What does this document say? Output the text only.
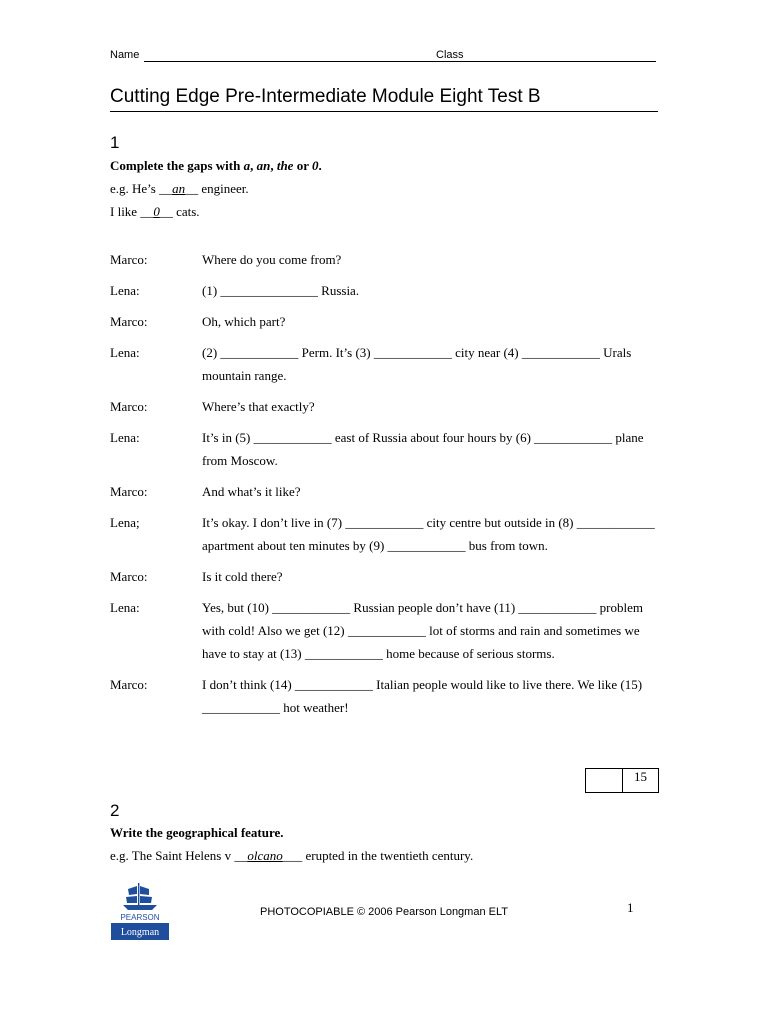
Name	Class
Cutting Edge Pre-Intermediate Module Eight Test B
1
Complete the gaps with a, an, the or 0.
e.g. He’s __an__ engineer.
I like __0__ cats.
Marco:	Where do you come from?
Lena:	(1) _______________ Russia.
Marco:	Oh, which part?
Lena:	(2) ____________ Perm. It’s (3) ____________ city near (4) ____________ Urals mountain range.
Marco:	Where’s that exactly?
Lena:	It’s in (5) ____________ east of Russia about four hours by (6) ____________ plane from Moscow.
Marco:	And what’s it like?
Lena;	It’s okay. I don’t live in (7) ____________ city centre but outside in (8) ____________ apartment about ten minutes by (9) ____________ bus from town.
Marco:	Is it cold there?
Lena:	Yes, but (10) ____________ Russian people don’t have (11) ____________ problem with cold! Also we get (12) ____________ lot of storms and rain and sometimes we have to stay at (13) ____________ home because of serious storms.
Marco:	I don’t think (14) ____________ Italian people would like to live there. We like (15) ____________ hot weather!
15
2
Write the geographical feature.
e.g. The Saint Helens v __olcano___ erupted in the twentieth century.
PEARSON
Longman
PHOTOCOPIABLE © 2006 Pearson Longman ELT	1
